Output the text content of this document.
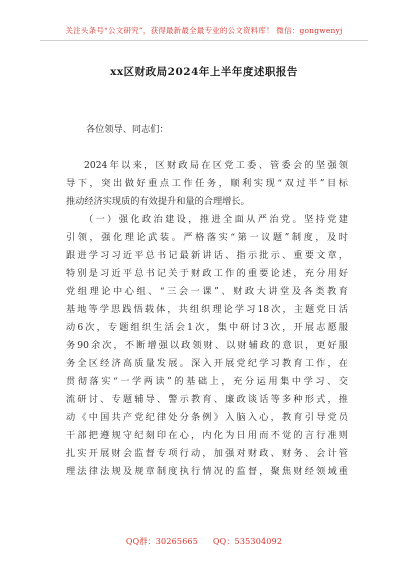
关注头条号“公文研究”，获得最新最全最专业的公文资料库！ 微信：gongwenyj
xx区财政局2024年上半年度述职报告
各位领导、同志们：
2024年以来，区财政局在区党工委、管委会的坚强领
导下，突出做好重点工作任务，顺利实现“双过半”目标
推动经济实现质的有效提升和量的合理增长。
（一）强化政治建设，推进全面从严治党。坚持党建
引领，强化理论武装。严格落实“第一议题”制度，及时
跟进学习习近平总书记最新讲话、指示批示、重要文章，
特别是习近平总书记关于财政工作的重要论述，充分用好
党组理论中心组、“三会一课”、财政大讲堂及各类教育
基地等学思践悟载体，共组织理论学习18次，主题党日活
动6次，专题组织生活会1次，集中研讨3次，开展志愿服
务90余次，不断增强以政领财、以财辅政的意识，更好服
务全区经济高质量发展。深入开展党纪学习教育工作，在
贯彻落实“一学两读”的基础上，充分运用集中学习、交
流研讨、专题辅导、警示教育、廉政谈话等多种形式，推
动《中国共产党纪律处分条例》入脑入心，教育引导党员
干部把遵规守纪刻印在心，内化为日用而不觉的言行准则
扎实开展财会监督专项行动，加强对财政、财务、会计管
理法律法规及规章制度执行情况的监督，聚焦财经领域重
QQ群：30265665 QQ：535304092
